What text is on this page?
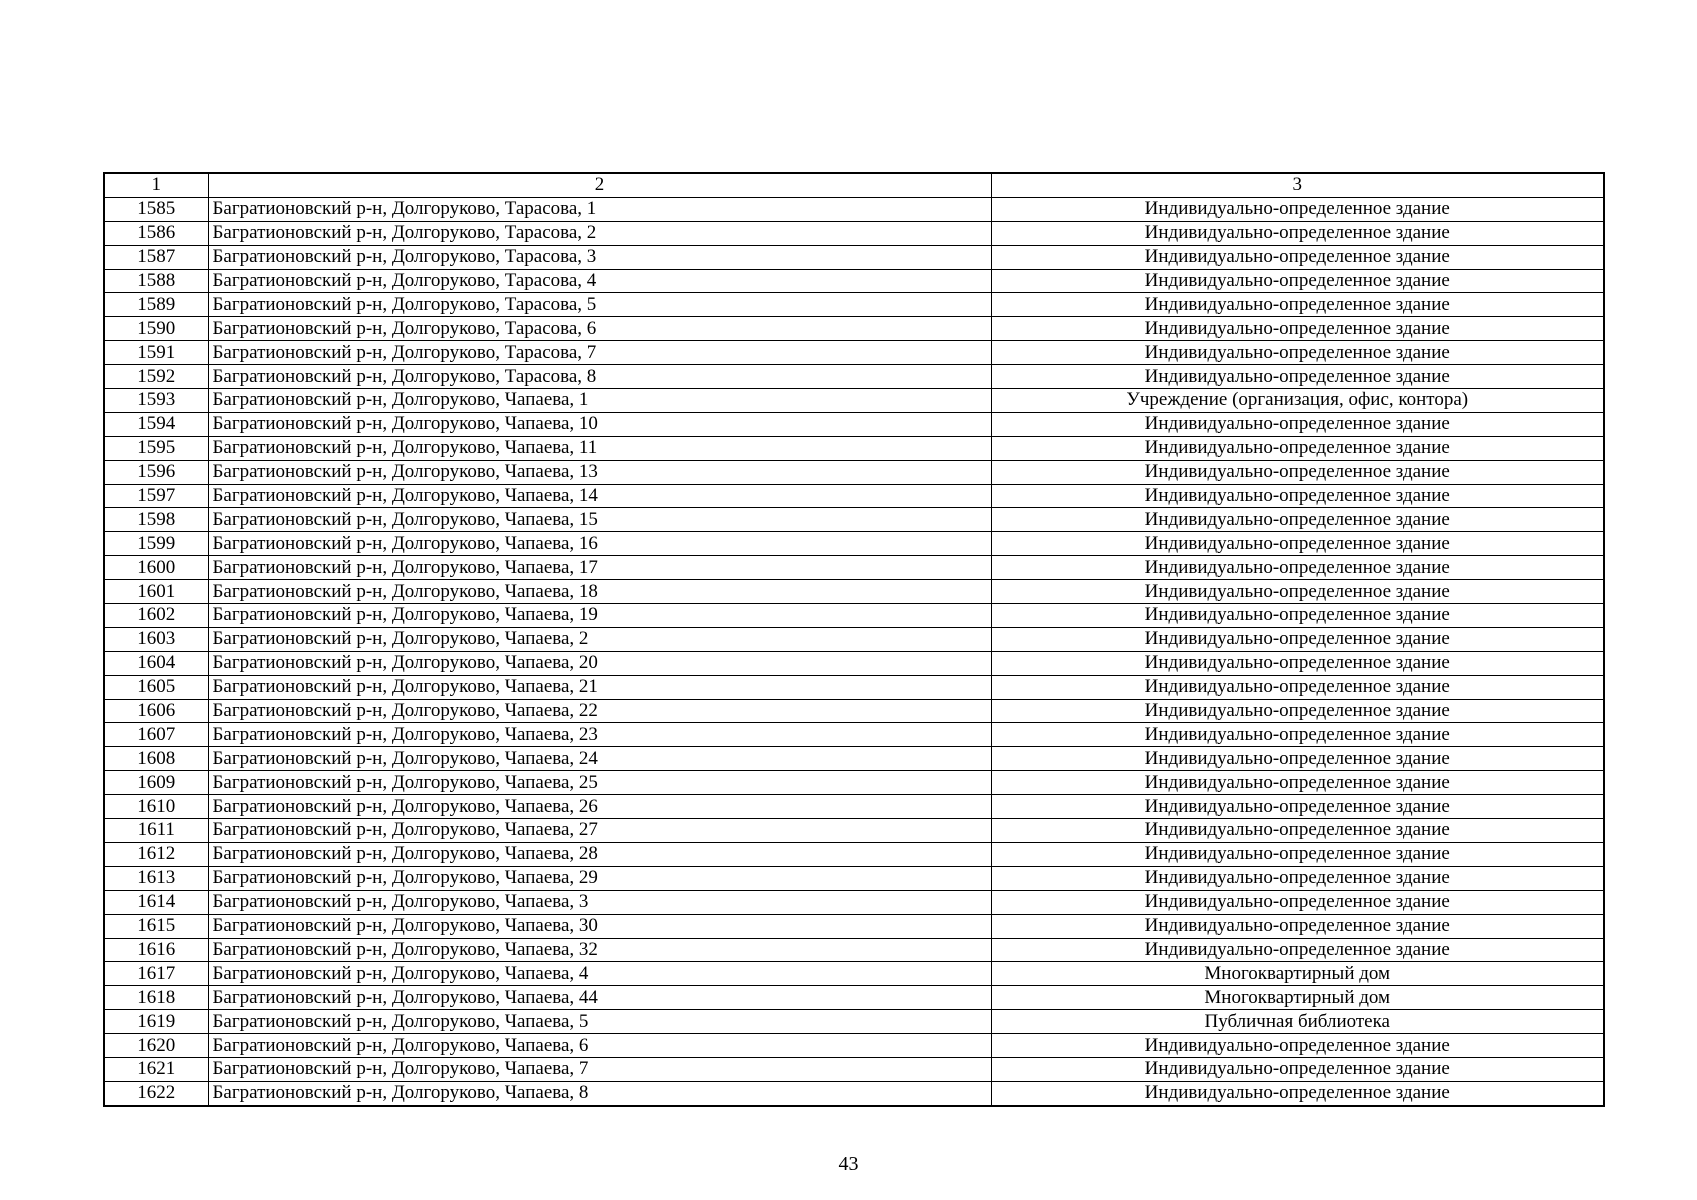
1	2	3
1585	Багратионовский р-н, Долгоруково, Тарасова, 1	Индивидуально-определенное здание
1586	Багратионовский р-н, Долгоруково, Тарасова, 2	Индивидуально-определенное здание
1587	Багратионовский р-н, Долгоруково, Тарасова, 3	Индивидуально-определенное здание
1588	Багратионовский р-н, Долгоруково, Тарасова, 4	Индивидуально-определенное здание
1589	Багратионовский р-н, Долгоруково, Тарасова, 5	Индивидуально-определенное здание
1590	Багратионовский р-н, Долгоруково, Тарасова, 6	Индивидуально-определенное здание
1591	Багратионовский р-н, Долгоруково, Тарасова, 7	Индивидуально-определенное здание
1592	Багратионовский р-н, Долгоруково, Тарасова, 8	Индивидуально-определенное здание
1593	Багратионовский р-н, Долгоруково, Чапаева, 1	Учреждение (организация, офис, контора)
1594	Багратионовский р-н, Долгоруково, Чапаева, 10	Индивидуально-определенное здание
1595	Багратионовский р-н, Долгоруково, Чапаева, 11	Индивидуально-определенное здание
1596	Багратионовский р-н, Долгоруково, Чапаева, 13	Индивидуально-определенное здание
1597	Багратионовский р-н, Долгоруково, Чапаева, 14	Индивидуально-определенное здание
1598	Багратионовский р-н, Долгоруково, Чапаева, 15	Индивидуально-определенное здание
1599	Багратионовский р-н, Долгоруково, Чапаева, 16	Индивидуально-определенное здание
1600	Багратионовский р-н, Долгоруково, Чапаева, 17	Индивидуально-определенное здание
1601	Багратионовский р-н, Долгоруково, Чапаева, 18	Индивидуально-определенное здание
1602	Багратионовский р-н, Долгоруково, Чапаева, 19	Индивидуально-определенное здание
1603	Багратионовский р-н, Долгоруково, Чапаева, 2	Индивидуально-определенное здание
1604	Багратионовский р-н, Долгоруково, Чапаева, 20	Индивидуально-определенное здание
1605	Багратионовский р-н, Долгоруково, Чапаева, 21	Индивидуально-определенное здание
1606	Багратионовский р-н, Долгоруково, Чапаева, 22	Индивидуально-определенное здание
1607	Багратионовский р-н, Долгоруково, Чапаева, 23	Индивидуально-определенное здание
1608	Багратионовский р-н, Долгоруково, Чапаева, 24	Индивидуально-определенное здание
1609	Багратионовский р-н, Долгоруково, Чапаева, 25	Индивидуально-определенное здание
1610	Багратионовский р-н, Долгоруково, Чапаева, 26	Индивидуально-определенное здание
1611	Багратионовский р-н, Долгоруково, Чапаева, 27	Индивидуально-определенное здание
1612	Багратионовский р-н, Долгоруково, Чапаева, 28	Индивидуально-определенное здание
1613	Багратионовский р-н, Долгоруково, Чапаева, 29	Индивидуально-определенное здание
1614	Багратионовский р-н, Долгоруково, Чапаева, 3	Индивидуально-определенное здание
1615	Багратионовский р-н, Долгоруково, Чапаева, 30	Индивидуально-определенное здание
1616	Багратионовский р-н, Долгоруково, Чапаева, 32	Индивидуально-определенное здание
1617	Багратионовский р-н, Долгоруково, Чапаева, 4	Многоквартирный дом
1618	Багратионовский р-н, Долгоруково, Чапаева, 44	Многоквартирный дом
1619	Багратионовский р-н, Долгоруково, Чапаева, 5	Публичная библиотека
1620	Багратионовский р-н, Долгоруково, Чапаева, 6	Индивидуально-определенное здание
1621	Багратионовский р-н, Долгоруково, Чапаева, 7	Индивидуально-определенное здание
1622	Багратионовский р-н, Долгоруково, Чапаева, 8	Индивидуально-определенное здание
43
